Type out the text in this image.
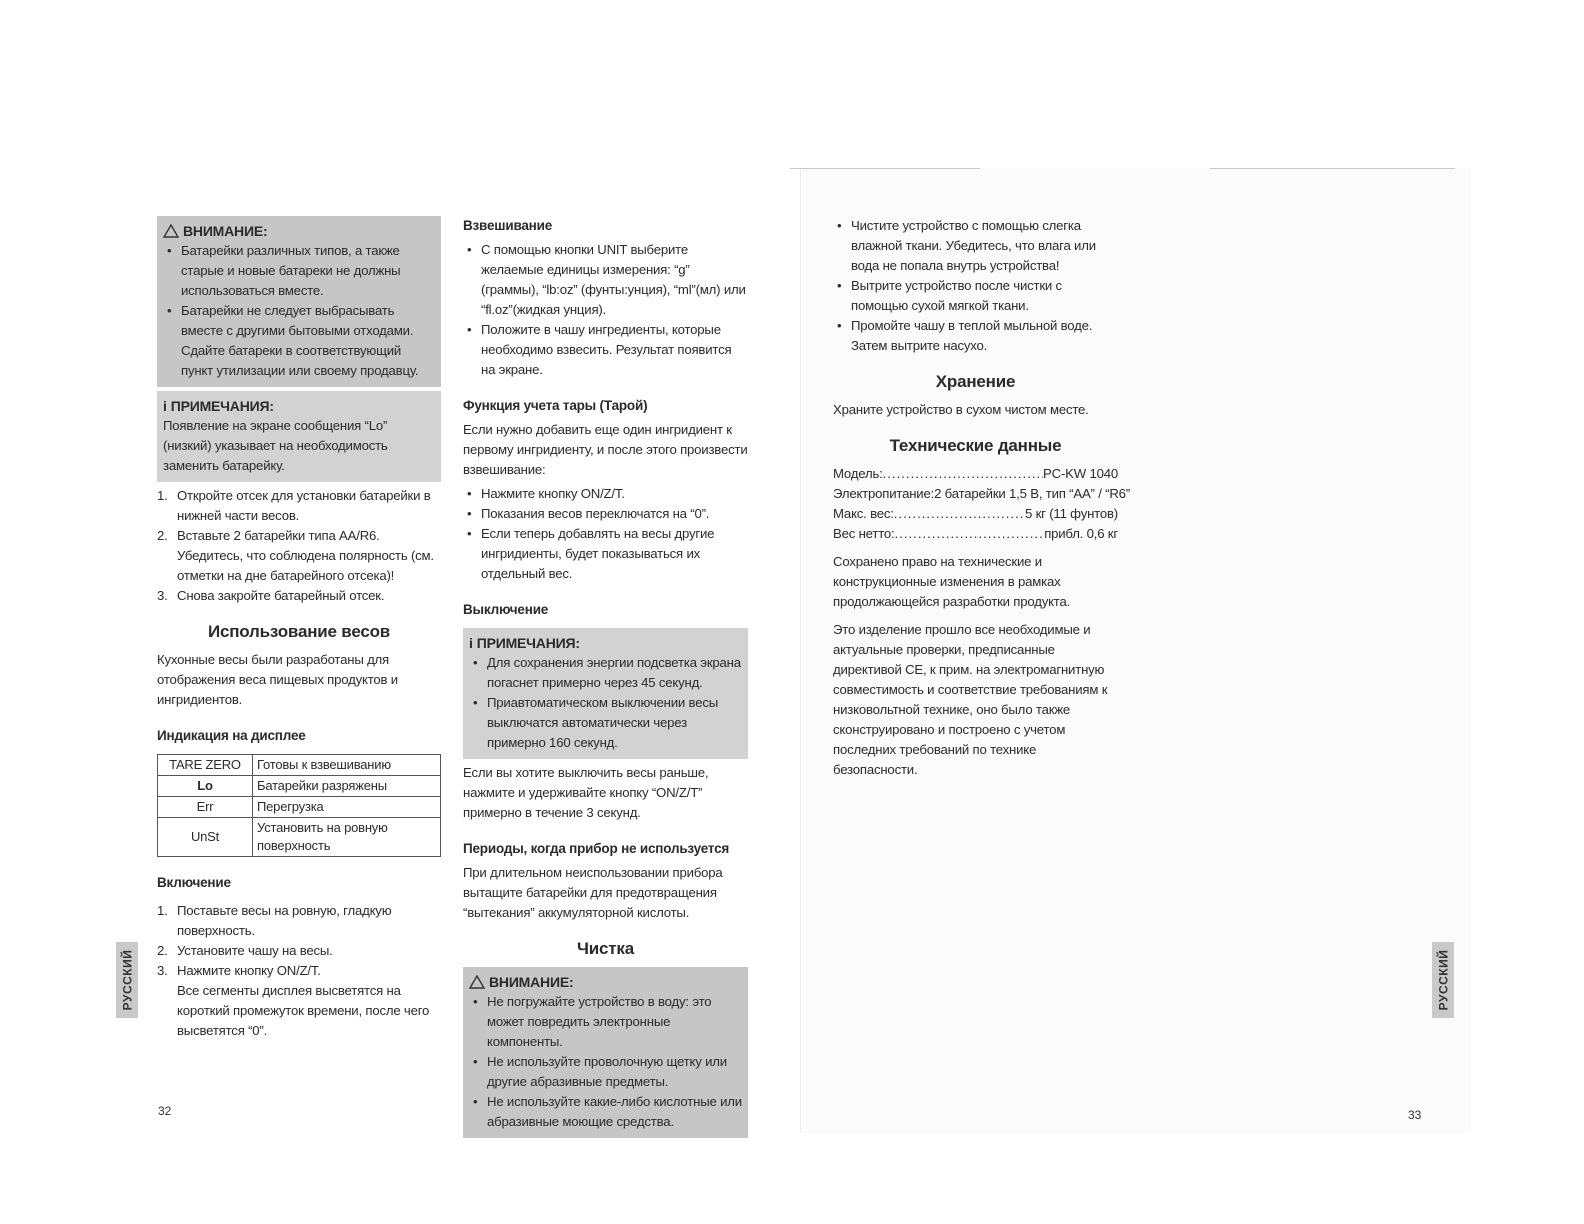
ВНИМАНИЕ:
• Батарейки различных типов, а также старые и новые батареки не должны использоваться вместе.
• Батарейки не следует выбрасывать вместе с другими бытовыми отходами. Сдайте батареки в соответствующий пункт утилизации или своему продавцу.
i ПРИМЕЧАНИЯ:

Появление на экране сообщения “Lo” (низкий) указывает на необходимость заменить батарейку.

1. Откройте отсек для установки батарейки в нижней части весов.
2. Вставьте 2 батарейки типа AA/R6. Убедитесь, что соблюдена полярность (см. отметки на дне батарейного отсека)!
3. Снова закройте батарейный отсек.
Использование весов

Кухонные весы были разработаны для отображения веса пищевых продуктов и ингридиентов.

Индикация на дисплее
TARE ZERO	Готовы к взвешиванию
Lo	Батарейки разряжены
Err	Перегрузка
UnSt	Установить на ровную поверхность
Включение
1. Поставьте весы на ровную, гладкую поверхность.
2. Установите чашу на весы.
3. Нажмите кнопку ON/Z/T.

Все сегменты дисплея высветятся на короткий промежуток времени, после чего высветятся “0”.

Взвешивание
• С помощью кнопки UNIT выберите желаемые единицы измерения: “g” (граммы), “lb:oz” (фунты:унция), “ml”(мл) или “fl.oz”(жидкая унция).
• Положите в чашу ингредиенты, которые необходимо взвесить. Результат появится на экране.
Функция учета тары (Тарой)

Если нужно добавить еще один ингридиент к первому ингридиенту, и после этого произвести взвешивание:

• Нажмите кнопку ON/Z/T.
• Показания весов переключатся на “0”.
• Если теперь добавлять на весы другие ингридиенты, будет показываться их отдельный вес.
Выключение
i ПРИМЕЧАНИЯ:
• Для сохранения энергии подсветка экрана погаснет примерно через 45 секунд.
• Приавтоматическом выключении весы выключатся автоматически через примерно 160 секунд.

Если вы хотите выключить весы раньше, нажмите и удерживайте кнопку “ON/Z/T” примерно в течение 3 секунд.

Периоды, когда прибор не используется

При длительном неиспользовании прибора вытащите батарейки для предотвращения “вытекания” аккумуляторной кислоты.

Чистка
ВНИМАНИЕ:
• Не погружайте устройство в воду: это может повредить электронные компоненты.
• Не используйте проволочную щетку или другие абразивные предметы.
• Не используйте какие-либо кислотные или абразивные моющие средства.
РУССКИЙ
32
• Чистите устройство с помощью слегка влажной ткани. Убедитесь, что влага или вода не попала внутрь устройства!
• Вытрите устройство после чистки с помощью сухой мягкой ткани.
• Промойте чашу в теплой мыльной воде. Затем вытрите насухо.
Хранение

Храните устройство в сухом чистом месте.

Технические данные
Модель: .....	PC-KW 1040
Электропитание: 2 батарейки 1,5 В, тип “AA” / “R6”
Макс. вес: .....	5 кг (11 фунтов)
Вес нетто: .....	прибл. 0,6 кг

Сохранено право на технические и конструкционные изменения в рамках продолжающейся разработки продукта.

Это изделение прошло все необходимые и актуальные проверки, предписанные директивой CE, к прим. на электромагнитную совместимость и соответствие требованиям к низковольтной технике, оно было также сконструировано и построено с учетом последних требований по технике безопасности.

РУССКИЙ
33
